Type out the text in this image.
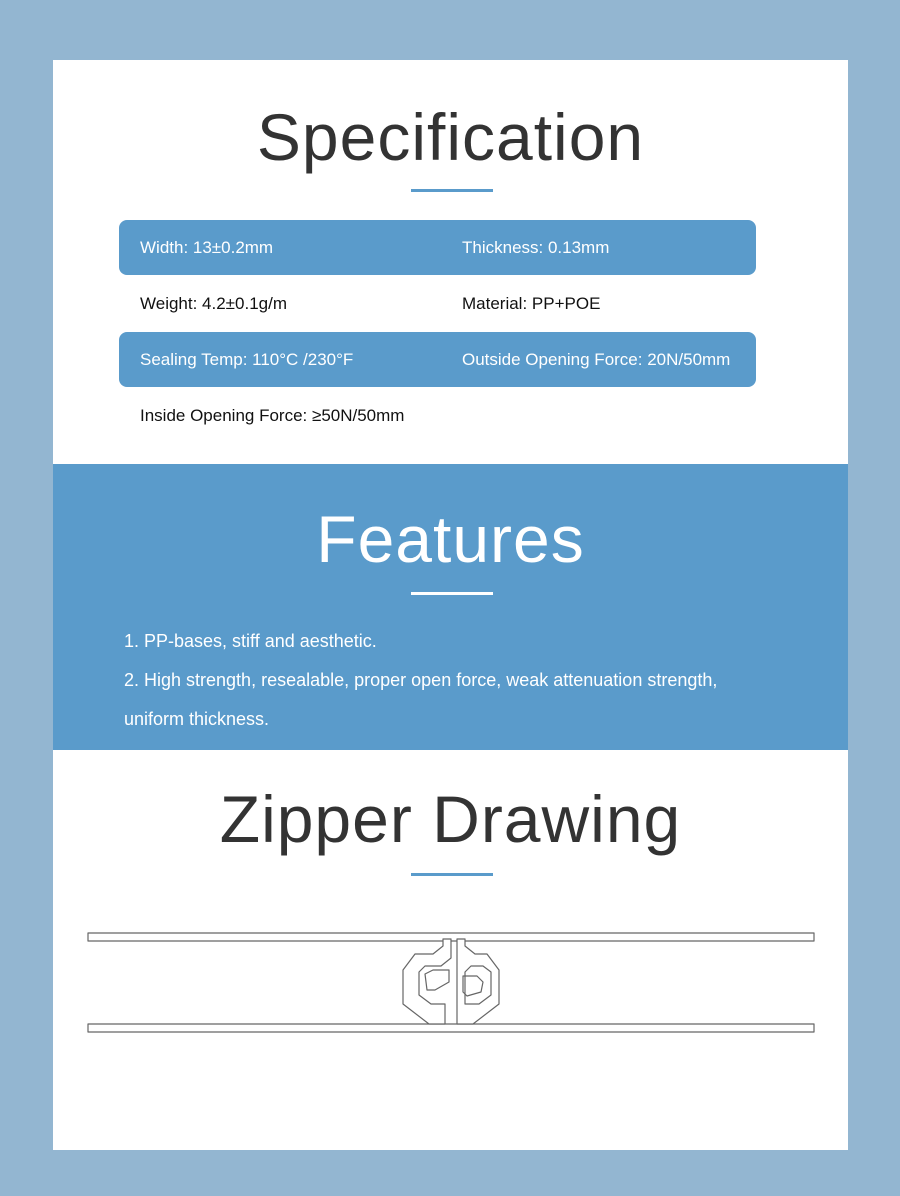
Specification
Width: 13±0.2mm	Thickness: 0.13mm
Weight: 4.2±0.1g/m	Material: PP+POE
Sealing Temp: 110°C /230°F	Outside Opening Force: 20N/50mm
Inside Opening Force: ≥50N/50mm
Features
1. PP-bases, stiff and aesthetic.
2. High strength, resealable, proper open force, weak attenuation strength,
uniform thickness.
Zipper Drawing
